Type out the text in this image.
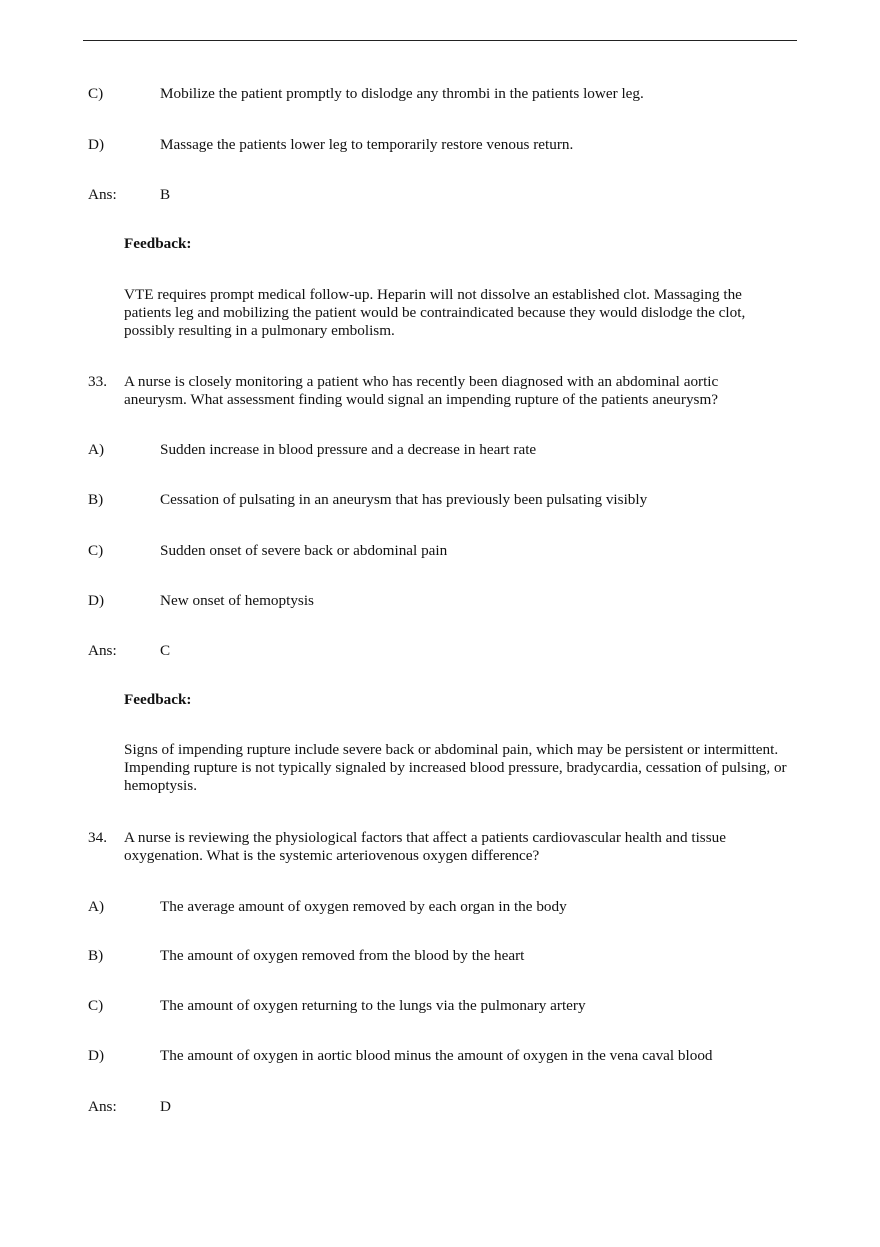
C)	Mobilize the patient promptly to dislodge any thrombi in the patients lower leg.
D)	Massage the patients lower leg to temporarily restore venous return.
Ans:	B
Feedback:
VTE requires prompt medical follow-up. Heparin will not dissolve an established clot. Massaging the patients leg and mobilizing the patient would be contraindicated because they would dislodge the clot, possibly resulting in a pulmonary embolism.
33. A nurse is closely monitoring a patient who has recently been diagnosed with an abdominal aortic aneurysm. What assessment finding would signal an impending rupture of the patients aneurysm?
A)	Sudden increase in blood pressure and a decrease in heart rate
B)	Cessation of pulsating in an aneurysm that has previously been pulsating visibly
C)	Sudden onset of severe back or abdominal pain
D)	New onset of hemoptysis
Ans:	C
Feedback:
Signs of impending rupture include severe back or abdominal pain, which may be persistent or intermittent. Impending rupture is not typically signaled by increased blood pressure, bradycardia, cessation of pulsing, or hemoptysis.
34. A nurse is reviewing the physiological factors that affect a patients cardiovascular health and tissue oxygenation. What is the systemic arteriovenous oxygen difference?
A)	The average amount of oxygen removed by each organ in the body
B)	The amount of oxygen removed from the blood by the heart
C)	The amount of oxygen returning to the lungs via the pulmonary artery
D)	The amount of oxygen in aortic blood minus the amount of oxygen in the vena caval blood
Ans:	D
